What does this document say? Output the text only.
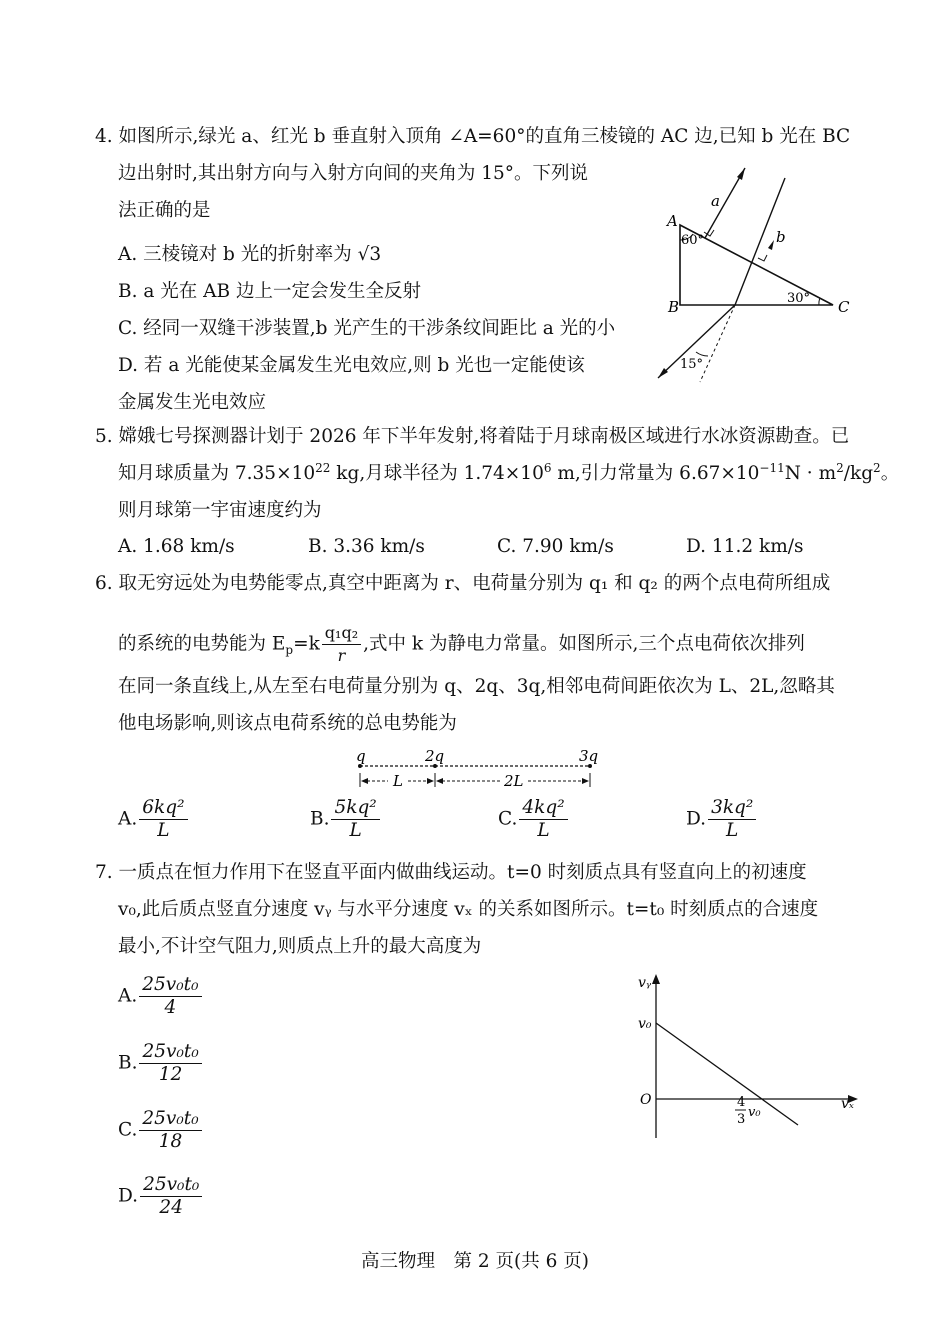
4. 如图所示,绿光 a、红光 b 垂直射入顶角 ∠A=60°的直角三棱镜的 AC 边,已知 b 光在 BC
边出射时,其出射方向与入射方向间的夹角为 15°。下列说
法正确的是
A. 三棱镜对 b 光的折射率为 √3
B. a 光在 AB 边上一定会发生全反射
C. 经同一双缝干涉装置,b 光产生的干涉条纹间距比 a 光的小
D. 若 a 光能使某金属发生光电效应,则 b 光也一定能使该
金属发生光电效应
A
B	C
a
b
60°
30°
15°
5. 嫦娥七号探测器计划于 2026 年下半年发射,将着陆于月球南极区域进行水冰资源勘查。已
知月球质量为 $7.35\times 10^{22}$ kg,月球半径为 $1.74\times 10^6$ m,引力常量为 $6.67\times 10^{-11}N \cdot m^2/kg^2$。
则月球第一宇宙速度约为
A. 1.68 km/s	B. 3.36 km/s	C. 7.90 km/s	D. 11.2 km/s
6. 取无穷远处为电势能零点,真空中距离为 r、电荷量分别为 q₁ 和 q₂ 的两个点电荷所组成
的系统的电势能为 $E_p=k \frac{\text{q₁q₂}}{r}$ ,式中 k 为静电力常量。如图所示,三个点电荷依次排列
在同一条直线上,从左至右电荷量分别为 q、2q、3q,相邻电荷间距依次为 L、2L,忽略其
他电场影响,则该点电荷系统的总电势能为
q	2q	3q
L	2L
A. $\frac{\text{6kq²}}{L}$	B. $\frac{\text{5kq²}}{L}$	C. $\frac{\text{4kq²}}{L}$	D. $\frac{\text{3kq²}}{L}$
7. 一质点在恒力作用下在竖直平面内做曲线运动。t=0 时刻质点具有竖直向上的初速度
v₀,此后质点竖直分速度 vᵧ 与水平分速度 vₓ 的关系如图所示。t=t₀ 时刻质点的合速度
最小,不计空气阻力,则质点上升的最大高度为
A. $\frac{\text{25v₀t₀}}{4}$
B. $\frac{\text{25v₀t₀}}{12}$
C. $\frac{\text{25v₀t₀}}{18}$
D. $\frac{\text{25v₀t₀}}{24}$
vᵧ
v₀
O	vₓ
4
3 v₀
高三物理　第 2 页(共 6 页)
